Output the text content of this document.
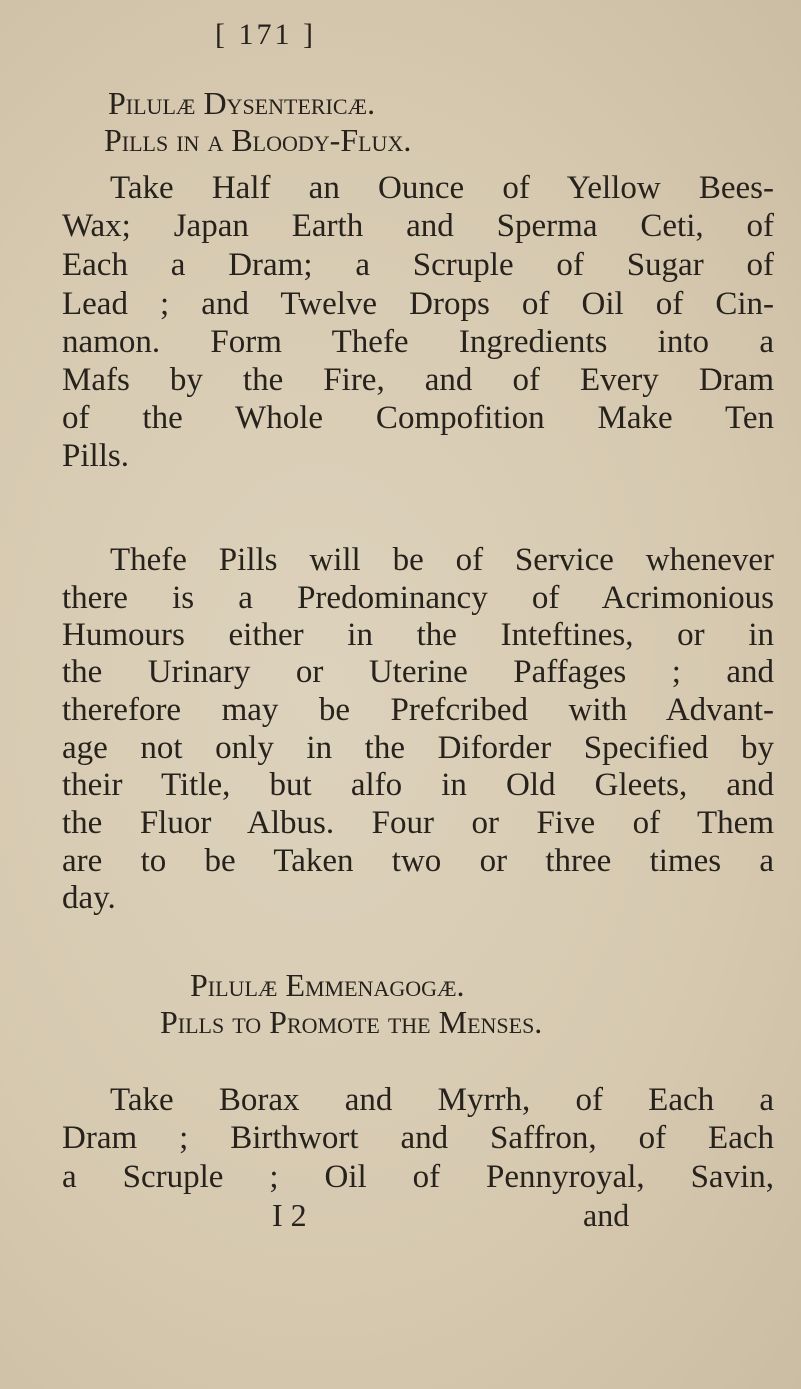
[ 171 ]
Pilulæ Dysentericæ.
Pills in a Bloody-Flux.
Take Half an Ounce of Yellow Bees-
Wax; Japan Earth and Sperma Ceti, of
Each a Dram; a Scruple of Sugar of
Lead ; and Twelve Drops of Oil of Cin-
namon. Form Thefe Ingredients into a
Mafs by the Fire, and of Every Dram
of the Whole Compofition Make Ten
Pills.
Thefe Pills will be of Service whenever
there is a Predominancy of Acrimonious
Humours either in the Inteftines, or in
the Urinary or Uterine Paffages ; and
therefore may be Prefcribed with Advant-
age not only in the Diforder Specified by
their Title, but alfo in Old Gleets, and
the Fluor Albus. Four or Five of Them
are to be Taken two or three times a
day.
Pilulæ Emmenagogæ.
Pills to Promote the Menses.
Take Borax and Myrrh, of Each a
Dram ; Birthwort and Saffron, of Each
a Scruple ; Oil of Pennyroyal, Savin,
I 2	and
